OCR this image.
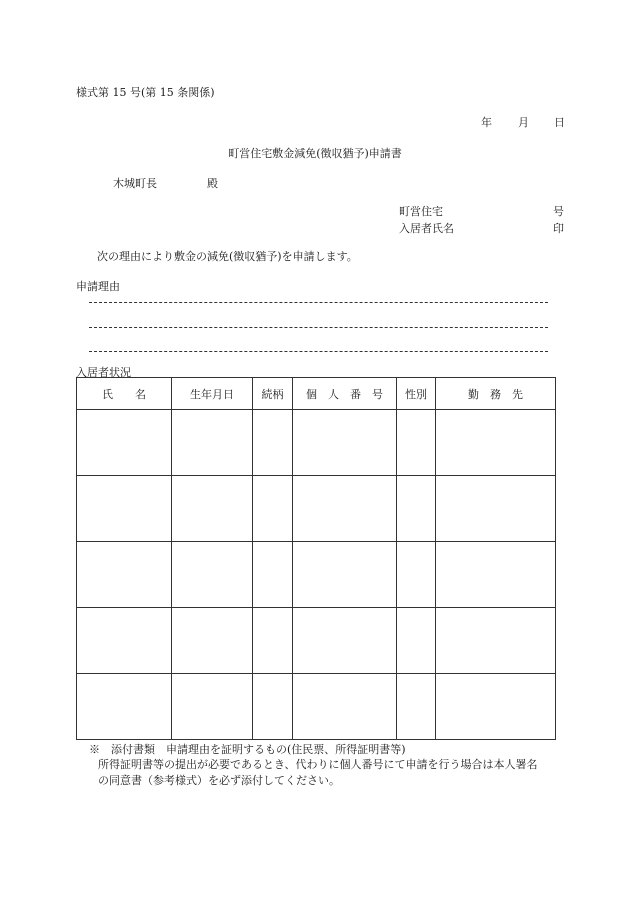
様式第 15 号(第 15 条関係)
年 月 日
町営住宅敷金減免(徴収猶予)申請書
木城町長	殿
町営住宅	号
入居者氏名	印
次の理由により敷金の減免(徴収猶予)を申請します。
申請理由
入居者状況
氏　　名	生年月日	続柄	個　人　番　号	性別	勤　務　先

※　添付書類　申請理由を証明するもの(住民票、所得証明書等)
所得証明書等の提出が必要であるとき、代わりに個人番号にて申請を行う場合は本人署名
の同意書（参考様式）を必ず添付してください。
